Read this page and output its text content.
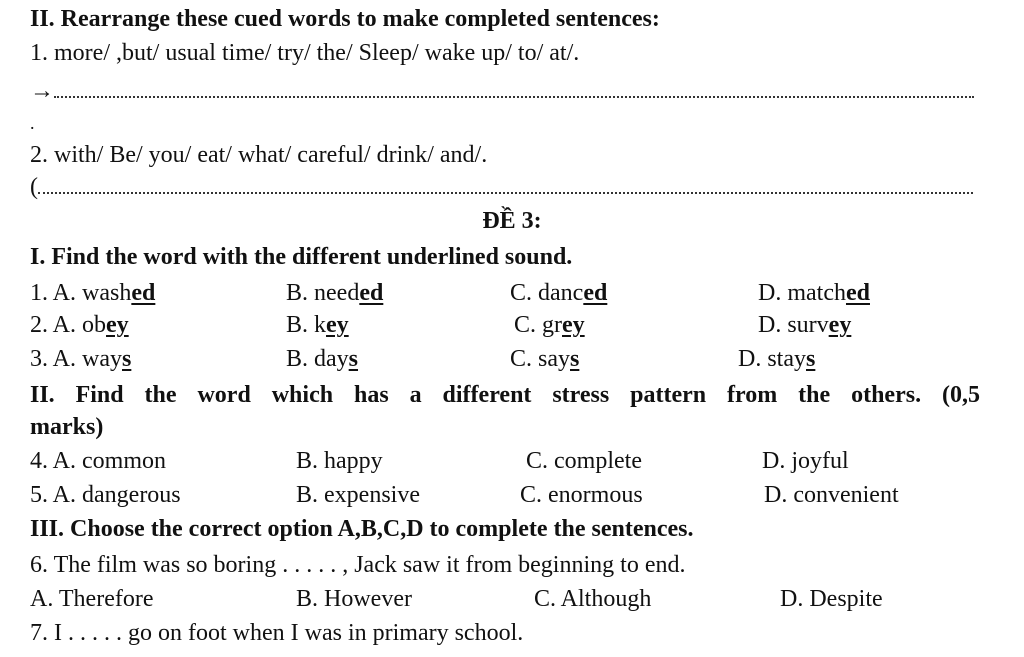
II. Rearrange these cued words to make completed sentences:
1. more/ ,but/ usual time/ try/ the/ Sleep/ wake up/ to/ at/.
→
.
2. with/ Be/ you/ eat/ what/ careful/ drink/ and/.
(
ĐỀ 3:
I. Find the word with the different underlined sound.
1. A. washed	B. needed	C. danced	D. matched
2. A. obey	B. key	C. grey	D. survey
3. A. ways	B. days	C. says	D. stays
II. Find the word which has a different stress pattern from the others. (0,5
marks)
4. A. common	B. happy	C. complete	D. joyful
5. A. dangerous	B. expensive	C. enormous	D. convenient
III. Choose the correct option A,B,C,D to complete the sentences.
6. The film was so boring . . . . . , Jack saw it from beginning to end.
A. Therefore	B. However	C. Although	D. Despite
7. I . . . . . go on foot when I was in primary school.
